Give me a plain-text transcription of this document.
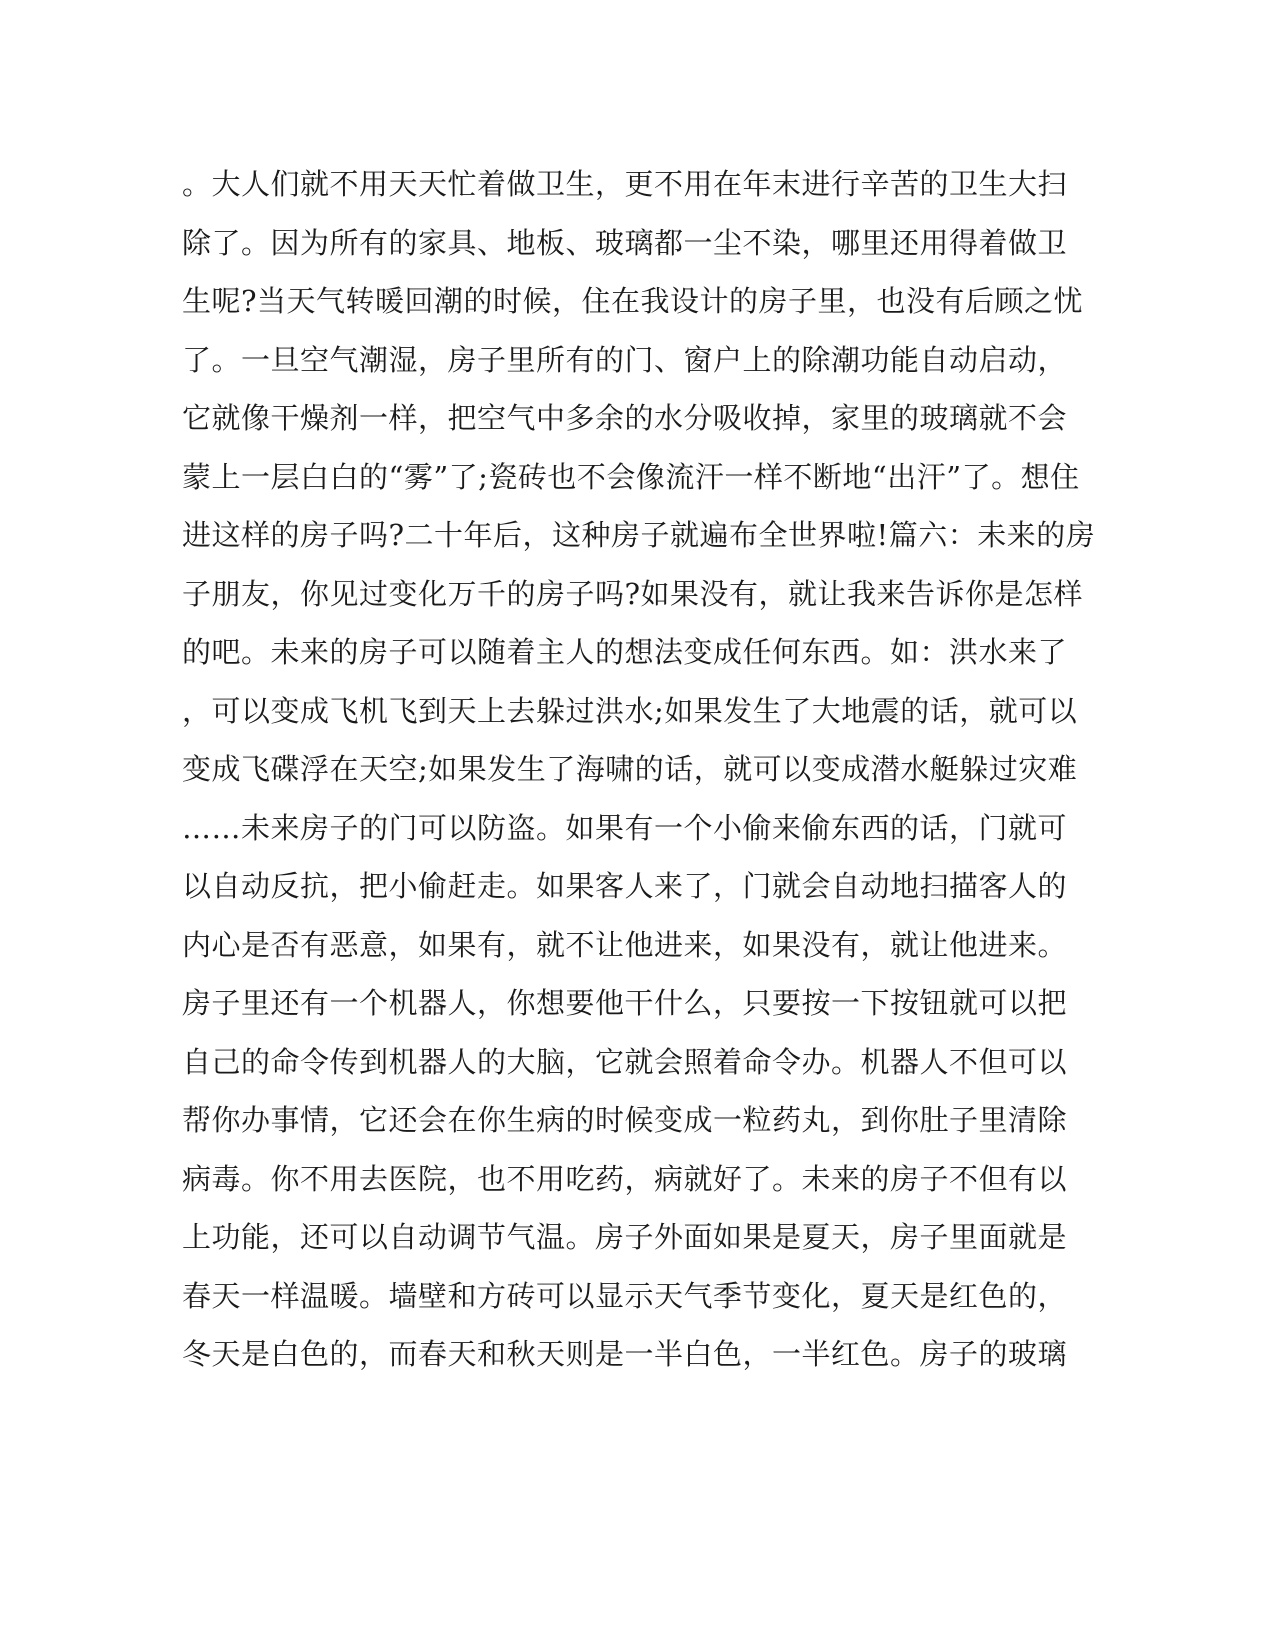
。大人们就不用天天忙着做卫生，更不用在年末进行辛苦的卫生大扫
除了。因为所有的家具、地板、玻璃都一尘不染，哪里还用得着做卫
生呢?当天气转暖回潮的时候，住在我设计的房子里，也没有后顾之忧
了。一旦空气潮湿，房子里所有的门、窗户上的除潮功能自动启动，
它就像干燥剂一样，把空气中多余的水分吸收掉，家里的玻璃就不会
蒙上一层白白的“雾”了;瓷砖也不会像流汗一样不断地“出汗”了。想住
进这样的房子吗?二十年后，这种房子就遍布全世界啦!篇六：未来的房
子朋友，你见过变化万千的房子吗?如果没有，就让我来告诉你是怎样
的吧。未来的房子可以随着主人的想法变成任何东西。如：洪水来了
，可以变成飞机飞到天上去躲过洪水;如果发生了大地震的话，就可以
变成飞碟浮在天空;如果发生了海啸的话，就可以变成潜水艇躲过灾难
……未来房子的门可以防盗。如果有一个小偷来偷东西的话，门就可
以自动反抗，把小偷赶走。如果客人来了，门就会自动地扫描客人的
内心是否有恶意，如果有，就不让他进来，如果没有，就让他进来。
房子里还有一个机器人，你想要他干什么，只要按一下按钮就可以把
自己的命令传到机器人的大脑，它就会照着命令办。机器人不但可以
帮你办事情，它还会在你生病的时候变成一粒药丸，到你肚子里清除
病毒。你不用去医院，也不用吃药，病就好了。未来的房子不但有以
上功能，还可以自动调节气温。房子外面如果是夏天，房子里面就是
春天一样温暖。墙壁和方砖可以显示天气季节变化，夏天是红色的，
冬天是白色的，而春天和秋天则是一半白色，一半红色。房子的玻璃
